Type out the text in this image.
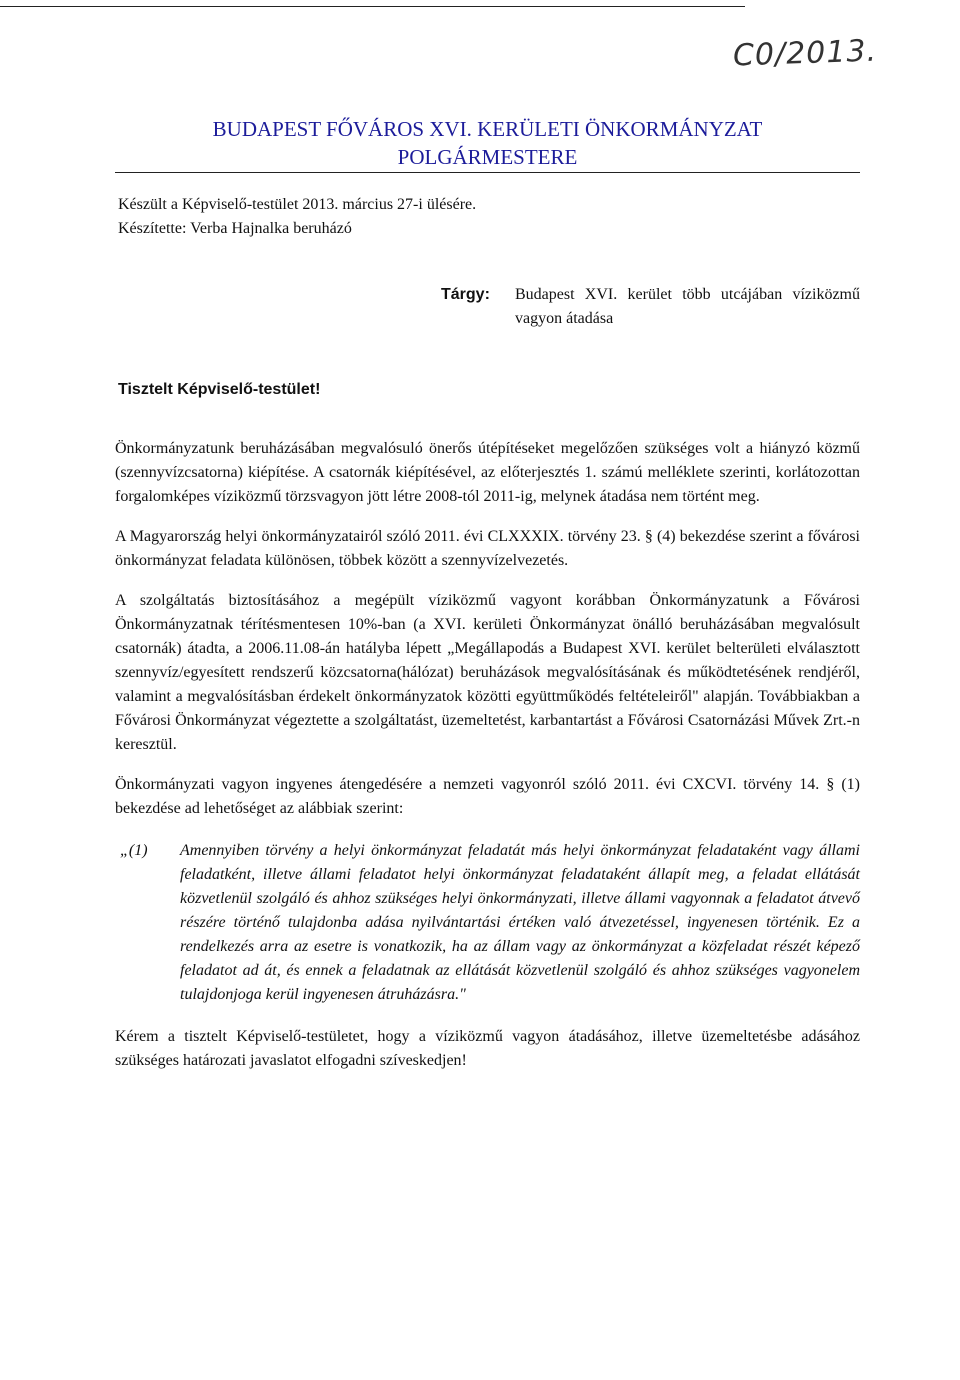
C0/2013.
BUDAPEST FŐVÁROS XVI. KERÜLETI ÖNKORMÁNYZAT
POLGÁRMESTERE
Készült a Képviselő-testület 2013. március 27-i ülésére.
Készítette: Verba Hajnalka beruházó
Tárgy: Budapest XVI. kerület több utcájában víziközmű vagyon átadása
Tisztelt Képviselő-testület!

Önkormányzatunk beruházásában megvalósuló önerős útépítéseket megelőzően szükséges volt a hiányzó közmű (szennyvízcsatorna) kiépítése. A csatornák kiépítésével, az előterjesztés 1. számú melléklete szerinti, korlátozottan forgalomképes víziközmű törzsvagyon jött létre 2008-tól 2011-ig, melynek átadása nem történt meg.

A Magyarország helyi önkormányzatairól szóló 2011. évi CLXXXIX. törvény 23. § (4) bekezdése szerint a fővárosi önkormányzat feladata különösen, többek között a szennyvízelvezetés.

A szolgáltatás biztosításához a megépült víziközmű vagyont korábban Önkormányzatunk a Fővárosi Önkormányzatnak térítésmentesen 10%-ban (a XVI. kerületi Önkormányzat önálló beruházásában megvalósult csatornák) átadta, a 2006.11.08-án hatályba lépett „Megállapodás a Budapest XVI. kerület belterületi elválasztott szennyvíz/egyesített rendszerű közcsatorna(hálózat) beruházások megvalósításának és működtetésének rendjéről, valamint a megvalósításban érdekelt önkormányzatok közötti együttműködés feltételeiről" alapján. Továbbiakban a Fővárosi Önkormányzat végeztette a szolgáltatást, üzemeltetést, karbantartást a Fővárosi Csatornázási Művek Zrt.-n keresztül.

Önkormányzati vagyon ingyenes átengedésére a nemzeti vagyonról szóló 2011. évi CXCVI. törvény 14. § (1) bekezdése ad lehetőséget az alábbiak szerint:

„(1)	Amennyiben törvény a helyi önkormányzat feladatát más helyi önkormányzat feladataként vagy állami feladatként, illetve állami feladatot helyi önkormányzat feladataként állapít meg, a feladat ellátását közvetlenül szolgáló és ahhoz szükséges helyi önkormányzati, illetve állami vagyonnak a feladatot átvevő részére történő tulajdonba adása nyilvántartási értéken való átvezetéssel, ingyenesen történik. Ez a rendelkezés arra az esetre is vonatkozik, ha az állam vagy az önkormányzat a közfeladat részét képező feladatot ad át, és ennek a feladatnak az ellátását közvetlenül szolgáló és ahhoz szükséges vagyonelem tulajdonjoga kerül ingyenesen átruházásra."

Kérem a tisztelt Képviselő-testületet, hogy a víziközmű vagyon átadásához, illetve üzemeltetésbe adásához szükséges határozati javaslatot elfogadni szíveskedjen!
